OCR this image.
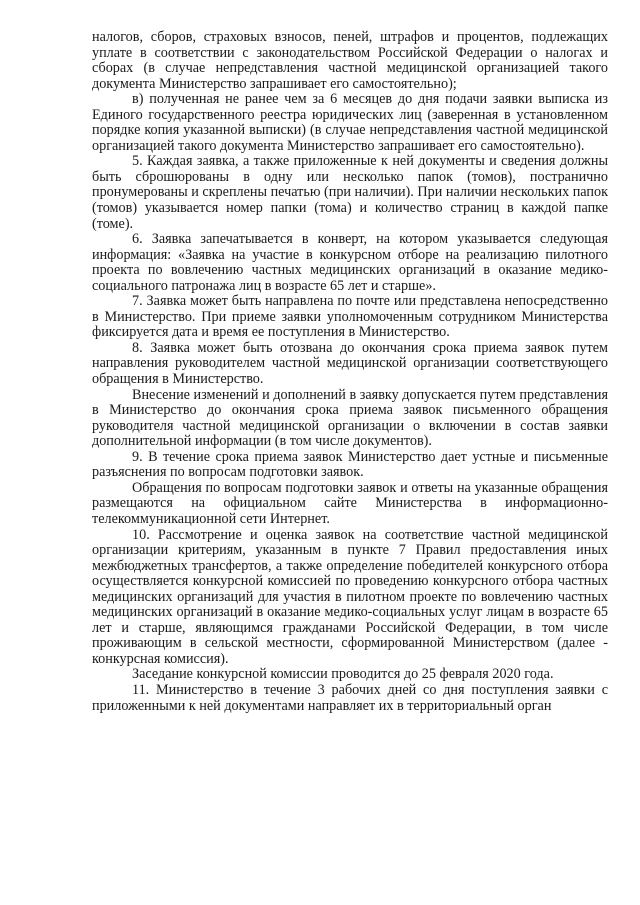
налогов, сборов, страховых взносов, пеней, штрафов и процентов, подлежащих уплате в соответствии с законодательством Российской Федерации о налогах и сборах (в случае непредставления частной медицинской организацией такого документа Министерство запрашивает его самостоятельно);

в) полученная не ранее чем за 6 месяцев до дня подачи заявки выписка из Единого государственного реестра юридических лиц (заверенная в установленном порядке копия указанной выписки) (в случае непредставления частной медицинской организацией такого документа Министерство запрашивает его самостоятельно).

5. Каждая заявка, а также приложенные к ней документы и сведения должны быть сброшюрованы в одну или несколько папок (томов), постранично пронумерованы и скреплены печатью (при наличии). При наличии нескольких папок (томов) указывается номер папки (тома) и количество страниц в каждой папке (томе).

6. Заявка запечатывается в конверт, на котором указывается следующая информация: «Заявка на участие в конкурсном отборе на реализацию пилотного проекта по вовлечению частных медицинских организаций в оказание медико-социального патронажа лиц в возрасте 65 лет и старше».

7. Заявка может быть направлена по почте или представлена непосредственно в Министерство. При приеме заявки уполномоченным сотрудником Министерства фиксируется дата и время ее поступления в Министерство.

8. Заявка может быть отозвана до окончания срока приема заявок путем направления руководителем частной медицинской организации соответствующего обращения в Министерство.

Внесение изменений и дополнений в заявку допускается путем представления в Министерство до окончания срока приема заявок письменного обращения руководителя частной медицинской организации о включении в состав заявки дополнительной информации (в том числе документов).

9. В течение срока приема заявок Министерство дает устные и письменные разъяснения по вопросам подготовки заявок.

Обращения по вопросам подготовки заявок и ответы на указанные обращения размещаются на официальном сайте Министерства в информационно-телекоммуникационной сети Интернет.

10. Рассмотрение и оценка заявок на соответствие частной медицинской организации критериям, указанным в пункте 7 Правил предоставления иных межбюджетных трансфертов, а также определение победителей конкурсного отбора осуществляется конкурсной комиссией по проведению конкурсного отбора частных медицинских организаций для участия в пилотном проекте по вовлечению частных медицинских организаций в оказание медико-социальных услуг лицам в возрасте 65 лет и старше, являющимся гражданами Российской Федерации, в том числе проживающим в сельской местности, сформированной Министерством (далее - конкурсная комиссия).

Заседание конкурсной комиссии проводится до 25 февраля 2020 года.

11. Министерство в течение 3 рабочих дней со дня поступления заявки с приложенными к ней документами направляет их в территориальный орган
